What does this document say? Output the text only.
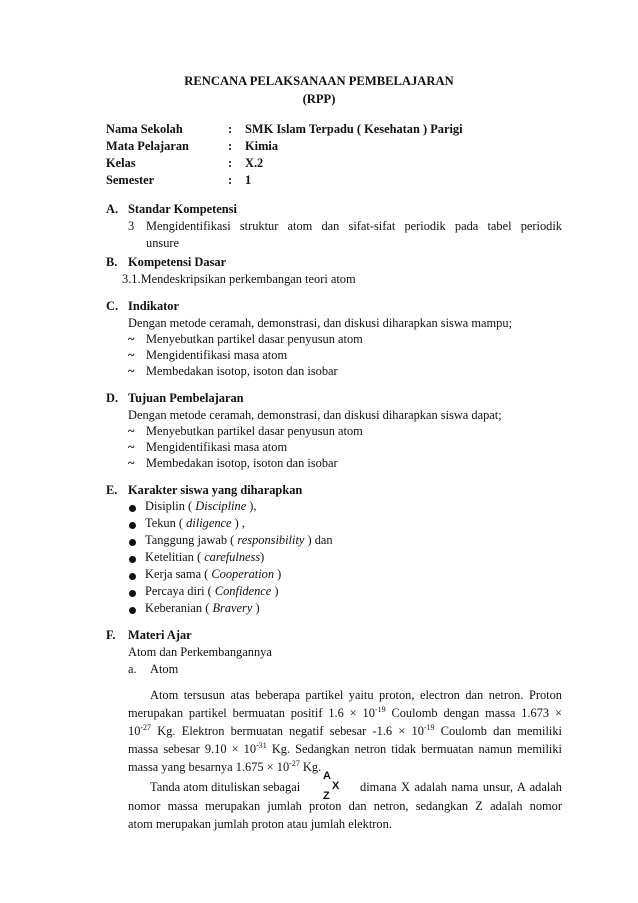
RENCANA PELAKSANAAN PEMBELAJARAN
(RPP)
Nama Sekolah	: SMK Islam Terpadu ( Kesehatan ) Parigi
Mata Pelajaran	: Kimia
Kelas	: X.2
Semester	: 1
A. Standar Kompetensi
3 Mengidentifikasi struktur atom dan sifat-sifat periodik pada tabel periodik
unsure
B. Kompetensi Dasar
3.1.Mendeskripsikan perkembangan teori atom
C. Indikator
Dengan metode ceramah, demonstrasi, dan diskusi diharapkan siswa mampu;
~ Menyebutkan partikel dasar penyusun atom
~ Mengidentifikasi masa atom
~ Membedakan isotop, isoton dan isobar
D. Tujuan Pembelajaran
Dengan metode ceramah, demonstrasi, dan diskusi diharapkan siswa dapat;
~ Menyebutkan partikel dasar penyusun atom
~ Mengidentifikasi masa atom
~ Membedakan isotop, isoton dan isobar
E. Karakter siswa yang diharapkan
Disiplin ( Discipline ),
Tekun ( diligence ) ,
Tanggung jawab ( responsibility ) dan
Ketelitian ( carefulness)
Kerja sama ( Cooperation )
Percaya diri ( Confidence )
Keberanian ( Bravery )
F. Materi Ajar
Atom dan Perkembangannya
a. Atom
Atom tersusun atas beberapa partikel yaitu proton, electron dan netron. Proton
merupakan partikel bermuatan positif $1.6 \times 10^{-19}$ Coulomb dengan massa 1.673 ×
$10^{-27}$ Kg. Elektron bermuatan negatif sebesar $-1.6 \times 10^{-19}$ Coulomb dan memiliki
massa sebesar $9.10 \times 10^{-31}$ Kg. Sedangkan netron tidak bermuatan namun memiliki
massa yang besarnya $1.675 \times 10^{-27}$ Kg.
Tanda atom dituliskan sebagai
A
X
Z
dimana X adalah nama unsur, A adalah
nomor massa merupakan jumlah proton dan netron, sedangkan Z adalah nomor
atom merupakan jumlah proton atau jumlah elektron.
